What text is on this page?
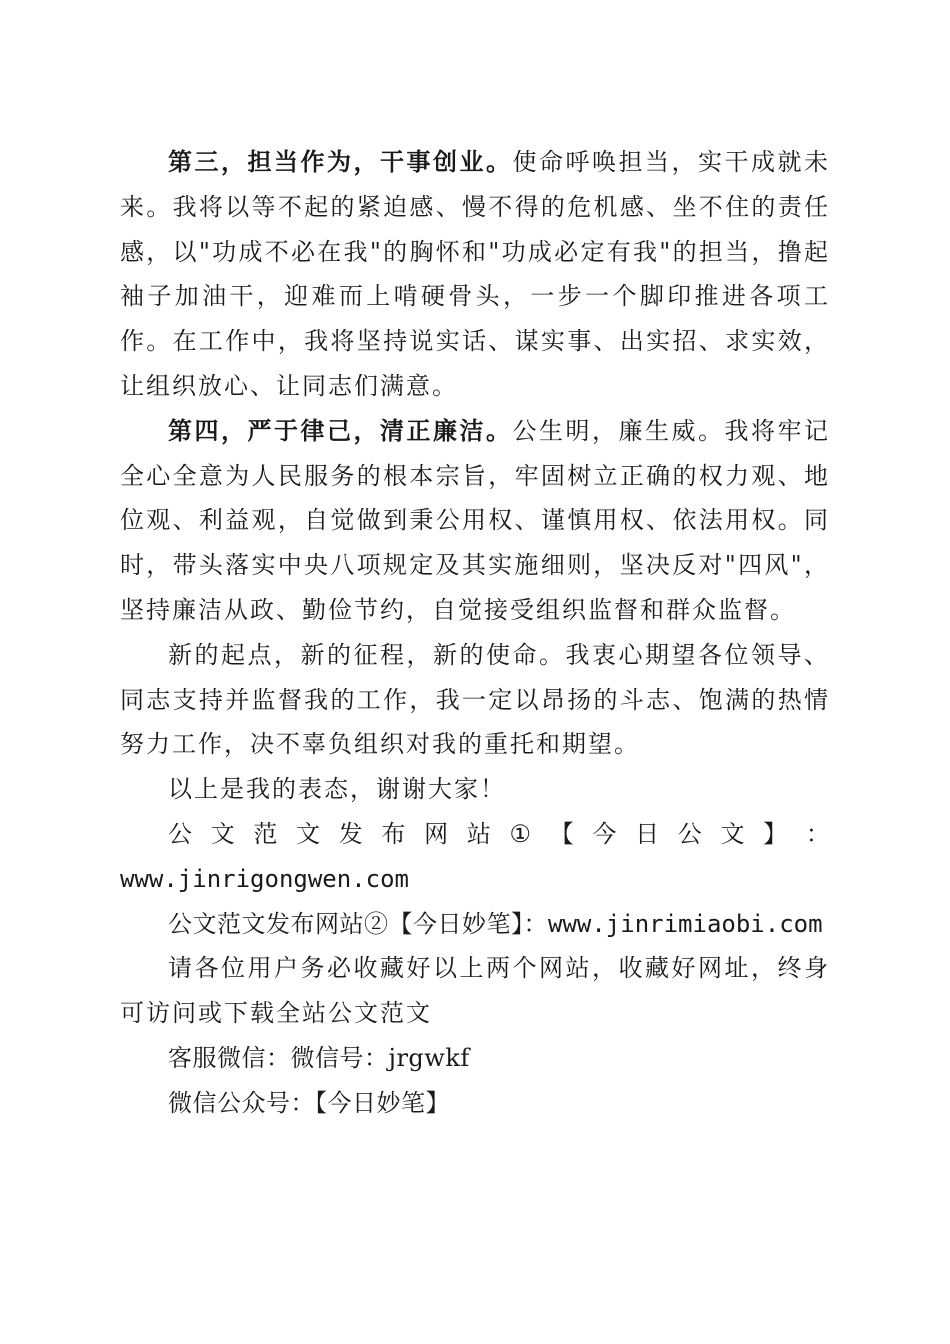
第三，担当作为，干事创业。使命呼唤担当，实干成就未来。我将以等不起的紧迫感、慢不得的危机感、坐不住的责任感，以"功成不必在我"的胸怀和"功成必定有我"的担当，撸起袖子加油干，迎难而上啃硬骨头，一步一个脚印推进各项工作。在工作中，我将坚持说实话、谋实事、出实招、求实效，让组织放心、让同志们满意。

第四，严于律己，清正廉洁。公生明，廉生威。我将牢记全心全意为人民服务的根本宗旨，牢固树立正确的权力观、地位观、利益观，自觉做到秉公用权、谨慎用权、依法用权。同时，带头落实中央八项规定及其实施细则，坚决反对"四风"，坚持廉洁从政、勤俭节约，自觉接受组织监督和群众监督。

新的起点，新的征程，新的使命。我衷心期望各位领导、同志支持并监督我的工作，我一定以昂扬的斗志、饱满的热情努力工作，决不辜负组织对我的重托和期望。

以上是我的表态，谢谢大家！

公 文 范 文 发 布 网 站 ① 【 今 日 公 文 】 ：

www.jinrigongwen.com

公文范文发布网站②【今日妙笔】：www.jinrimiaobi.com

请各位用户务必收藏好以上两个网站，收藏好网址，终身可访问或下载全站公文范文

客服微信：微信号：jrgwkf

微信公众号：【今日妙笔】
